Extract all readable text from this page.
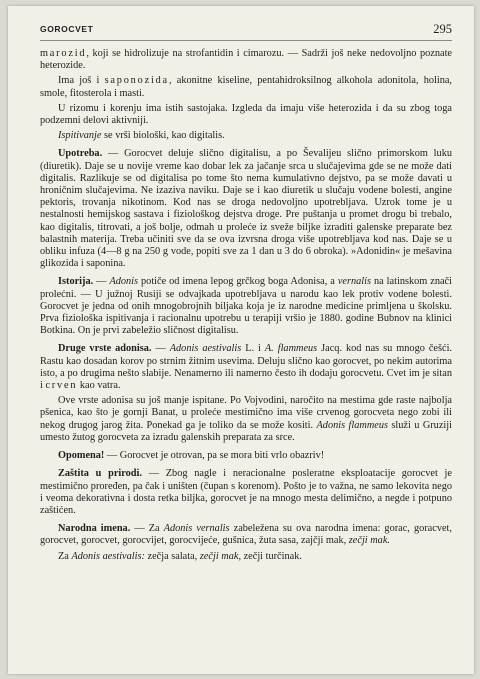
GOROCVET	295

marozid, koji se hidrolizuje na strofantidin i cimarozu. — Sadrži još neke nedovoljno poznate heterozide.

Ima još i saponozida, akonitne kiseline, pentahidroksilnog alkohola adonitola, holina, smole, fitosterola i masti.

U rizomu i korenju ima istih sastojaka. Izgleda da imaju više heterozida i da su zbog toga podzemni delovi aktivniji.

Ispitivanje se vrši biološki, kao digitalis.

Upotreba. — Gorocvet deluje slično digitalisu, a po Ševalijeu slično primorskom luku (diuretik). Daje se u novije vreme kao dobar lek za jačanje srca u slučajevima gde se ne može dati digitalis. Razlikuje se od digitalisa po tome što nema kumulativno dejstvo, pa se može davati u hroničnim slučajevima. Ne izaziva naviku. Daje se i kao diuretik u slučaju vodene bolesti, angine pektoris, trovanja nikotinom. Kod nas se droga nedovoljno upotrebljava. Uzrok tome je u nestalnosti hemijskog sastava i fiziološkog dejstva droge. Pre puštanja u promet drogu bi trebalo, kao digitalis, titrovati, a još bolje, odmah u proleće iz sveže biljke izraditi galenske preparate bez balastnih materija. Treba učiniti sve da se ova izvrsna droga više upotrebljava kod nas. Daje se u obliku infuza (4—8 g na 250 g vode, popiti sve za 1 dan u 3 do 6 obroka). »Adonidin« je mešavina glikozida i saponina.

Istorija. — Adonis potiče od imena lepog grčkog boga Adonisa, a vernalis na latinskom znači prolećni. — U južnoj Rusiji se odvajkada upotrebljava u narodu kao lek protiv vodene bolesti. Gorocvet je jedna od onih mnogobrojnih biljaka koja je iz narodne medicine primljena u školsku. Prva fiziološka ispitivanja i racionalnu upotrebu u terapiji vršio je 1880. godine Bubnov na klinici Botkina. On je prvi zabeležio sličnost digitalisu.

Druge vrste adonisa. — Adonis aestivalis L. i A. flammeus Jacq. kod nas su mnogo češći. Rastu kao dosadan korov po strnim žitnim usevima. Deluju slično kao gorocvet, po nekim autorima isto, a po drugima nešto slabije. Nenamerno ili namerno često ih dodaju gorocvetu. Cvet im je sitan i crven kao vatra.

Ove vrste adonisa su još manje ispitane. Po Vojvodini, naročito na mestima gde raste najbolja pšenica, kao što je gornji Banat, u proleće mestimično ima više crvenog gorocveta nego zobi ili nekog drugog jarog žita. Ponekad ga je toliko da se može kositi. Adonis flammeus služi u Gruziji umesto žutog gorocveta za izradu galenskih preparata za srce.

Opomena! — Gorocvet je otrovan, pa se mora biti vrlo obazriv!

Zaštita u prirodi. — Zbog nagle i neracionalne posleratne eksploatacije gorocvet je mestimično proređen, pa čak i uništen (čupan s korenom). Pošto je to važna, ne samo lekovita nego i veoma dekorativna i dosta retka biljka, gorocvet je na mnogo mesta delimično, a negde i potpuno zaštićen.

Narodna imena. — Za Adonis vernalis zabeležena su ova narodna imena: gorac, goracvet, gorocvet, gorocvet, gorocvijet, gorocvijeće, gušnica, žuta sasa, zajčji mak, zečji mak.

Za Adonis aestivalis: zečja salata, zečji mak, zečji turčinak.
